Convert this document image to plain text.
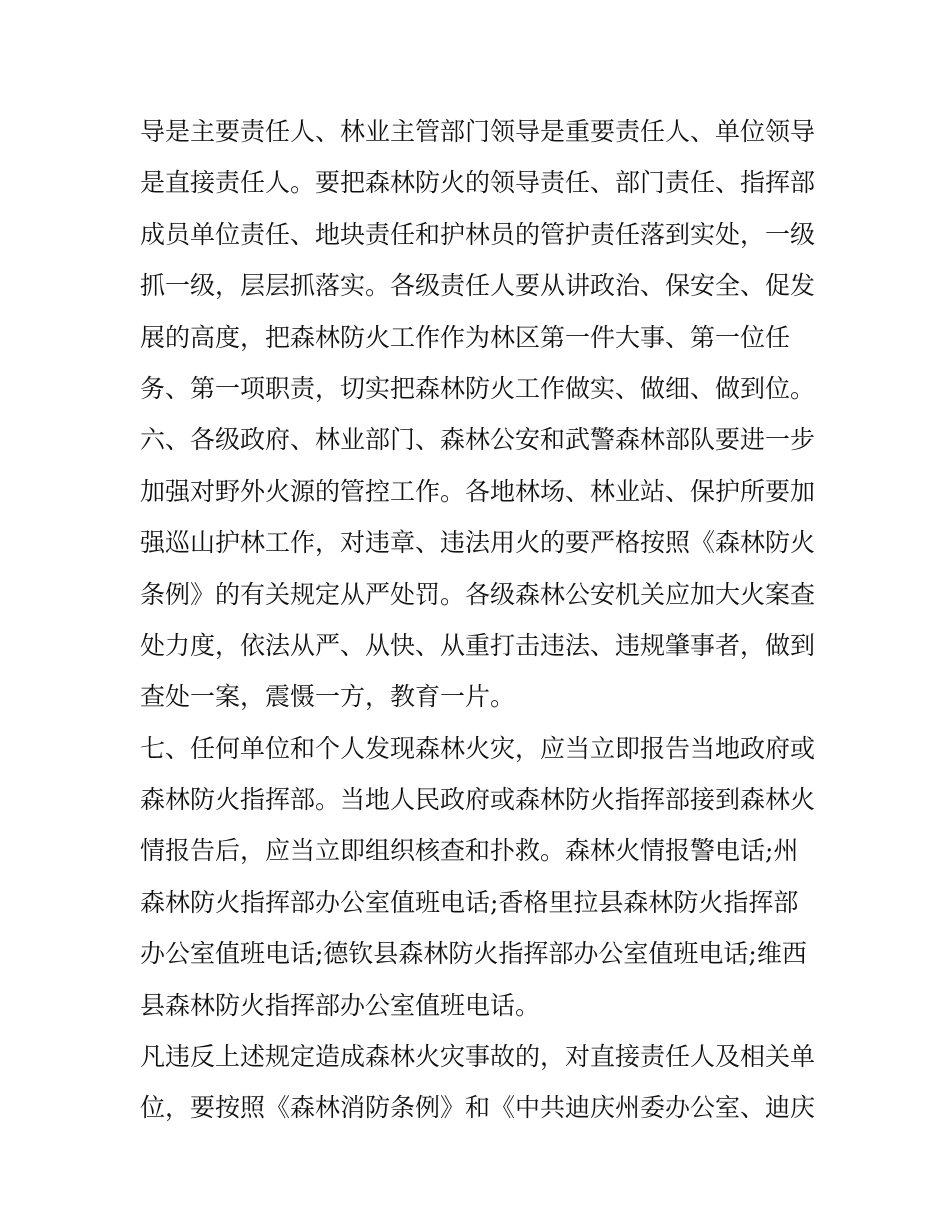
导是主要责任人、林业主管部门领导是重要责任人、单位领导
是直接责任人。要把森林防火的领导责任、部门责任、指挥部
成员单位责任、地块责任和护林员的管护责任落到实处，一级
抓一级，层层抓落实。各级责任人要从讲政治、保安全、促发
展的高度，把森林防火工作作为林区第一件大事、第一位任
务、第一项职责，切实把森林防火工作做实、做细、做到位。
六、各级政府、林业部门、森林公安和武警森林部队要进一步
加强对野外火源的管控工作。各地林场、林业站、保护所要加
强巡山护林工作，对违章、违法用火的要严格按照《森林防火
条例》的有关规定从严处罚。各级森林公安机关应加大火案查
处力度，依法从严、从快、从重打击违法、违规肇事者，做到
查处一案，震慑一方，教育一片。
七、任何单位和个人发现森林火灾，应当立即报告当地政府或
森林防火指挥部。当地人民政府或森林防火指挥部接到森林火
情报告后，应当立即组织核查和扑救。森林火情报警电话;州
森林防火指挥部办公室值班电话;香格里拉县森林防火指挥部
办公室值班电话;德钦县森林防火指挥部办公室值班电话;维西
县森林防火指挥部办公室值班电话。
凡违反上述规定造成森林火灾事故的，对直接责任人及相关单
位，要按照《森林消防条例》和《中共迪庆州委办公室、迪庆
